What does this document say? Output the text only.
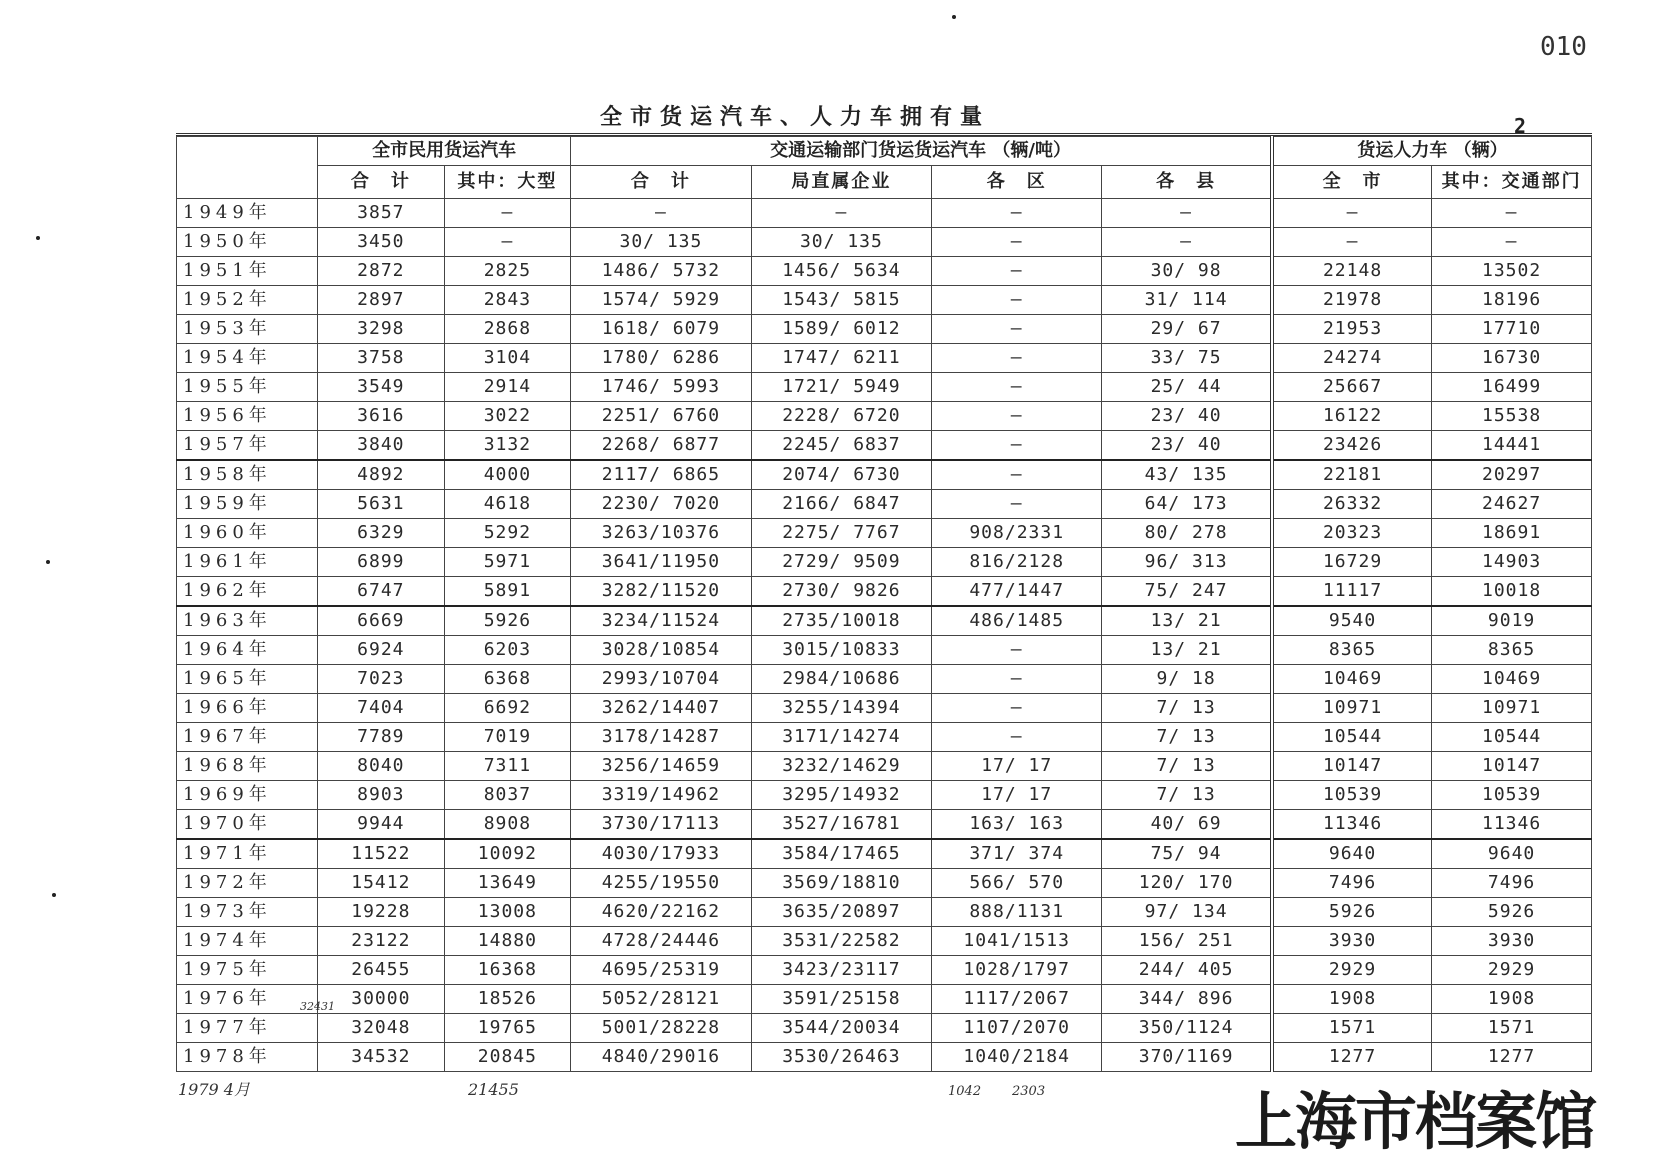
010
全市货运汽车、人力车拥有量	2
	全市民用货运汽车		交通运输部门货运货运汽车 （辆/吨）				货运人力车 （辆）	
	合　计	其中：大型	合　计	局直属企业	各　区	各　县	全　市	其中：交通部门
1949年	3857	—	—	—	—	—	—	—
1950年	3450	—	30/ 135	30/ 135	—	—	—	—
1951年	2872	2825	1486/ 5732	1456/ 5634	—	30/ 98	22148	13502
1952年	2897	2843	1574/ 5929	1543/ 5815	—	31/ 114	21978	18196
1953年	3298	2868	1618/ 6079	1589/ 6012	—	29/ 67	21953	17710
1954年	3758	3104	1780/ 6286	1747/ 6211	—	33/ 75	24274	16730
1955年	3549	2914	1746/ 5993	1721/ 5949	—	25/ 44	25667	16499
1956年	3616	3022	2251/ 6760	2228/ 6720	—	23/ 40	16122	15538
1957年	3840	3132	2268/ 6877	2245/ 6837	—	23/ 40	23426	14441
1958年	4892	4000	2117/ 6865	2074/ 6730	—	43/ 135	22181	20297
1959年	5631	4618	2230/ 7020	2166/ 6847	—	64/ 173	26332	24627
1960年	6329	5292	3263/10376	2275/ 7767	908/2331	80/ 278	20323	18691
1961年	6899	5971	3641/11950	2729/ 9509	816/2128	96/ 313	16729	14903
1962年	6747	5891	3282/11520	2730/ 9826	477/1447	75/ 247	11117	10018
1963年	6669	5926	3234/11524	2735/10018	486/1485	13/ 21	9540	9019
1964年	6924	6203	3028/10854	3015/10833	—	13/ 21	8365	8365
1965年	7023	6368	2993/10704	2984/10686	—	9/ 18	10469	10469
1966年	7404	6692	3262/14407	3255/14394	—	7/ 13	10971	10971
1967年	7789	7019	3178/14287	3171/14274	—	7/ 13	10544	10544
1968年	8040	7311	3256/14659	3232/14629	17/ 17	7/ 13	10147	10147
1969年	8903	8037	3319/14962	3295/14932	17/ 17	7/ 13	10539	10539
1970年	9944	8908	3730/17113	3527/16781	163/ 163	40/ 69	11346	11346
1971年	11522	10092	4030/17933	3584/17465	371/ 374	75/ 94	9640	9640
1972年	15412	13649	4255/19550	3569/18810	566/ 570	120/ 170	7496	7496
1973年	19228	13008	4620/22162	3635/20897	888/1131	97/ 134	5926	5926
1974年	23122	14880	4728/24446	3531/22582	1041/1513	156/ 251	3930	3930
1975年	26455	16368	4695/25319	3423/23117	1028/1797	244/ 405	2929	2929
1976年	30000	18526	5052/28121	3591/25158	1117/2067	344/ 896	1908	1908
1977年	32048	19765	5001/28228	3544/20034	1107/2070	350/1124	1571	1571
1978年	34532	20845	4840/29016	3530/26463	1040/2184	370/1169	1277	1277
1979 4月
32431
21455	1042 2303	上海市档案馆
